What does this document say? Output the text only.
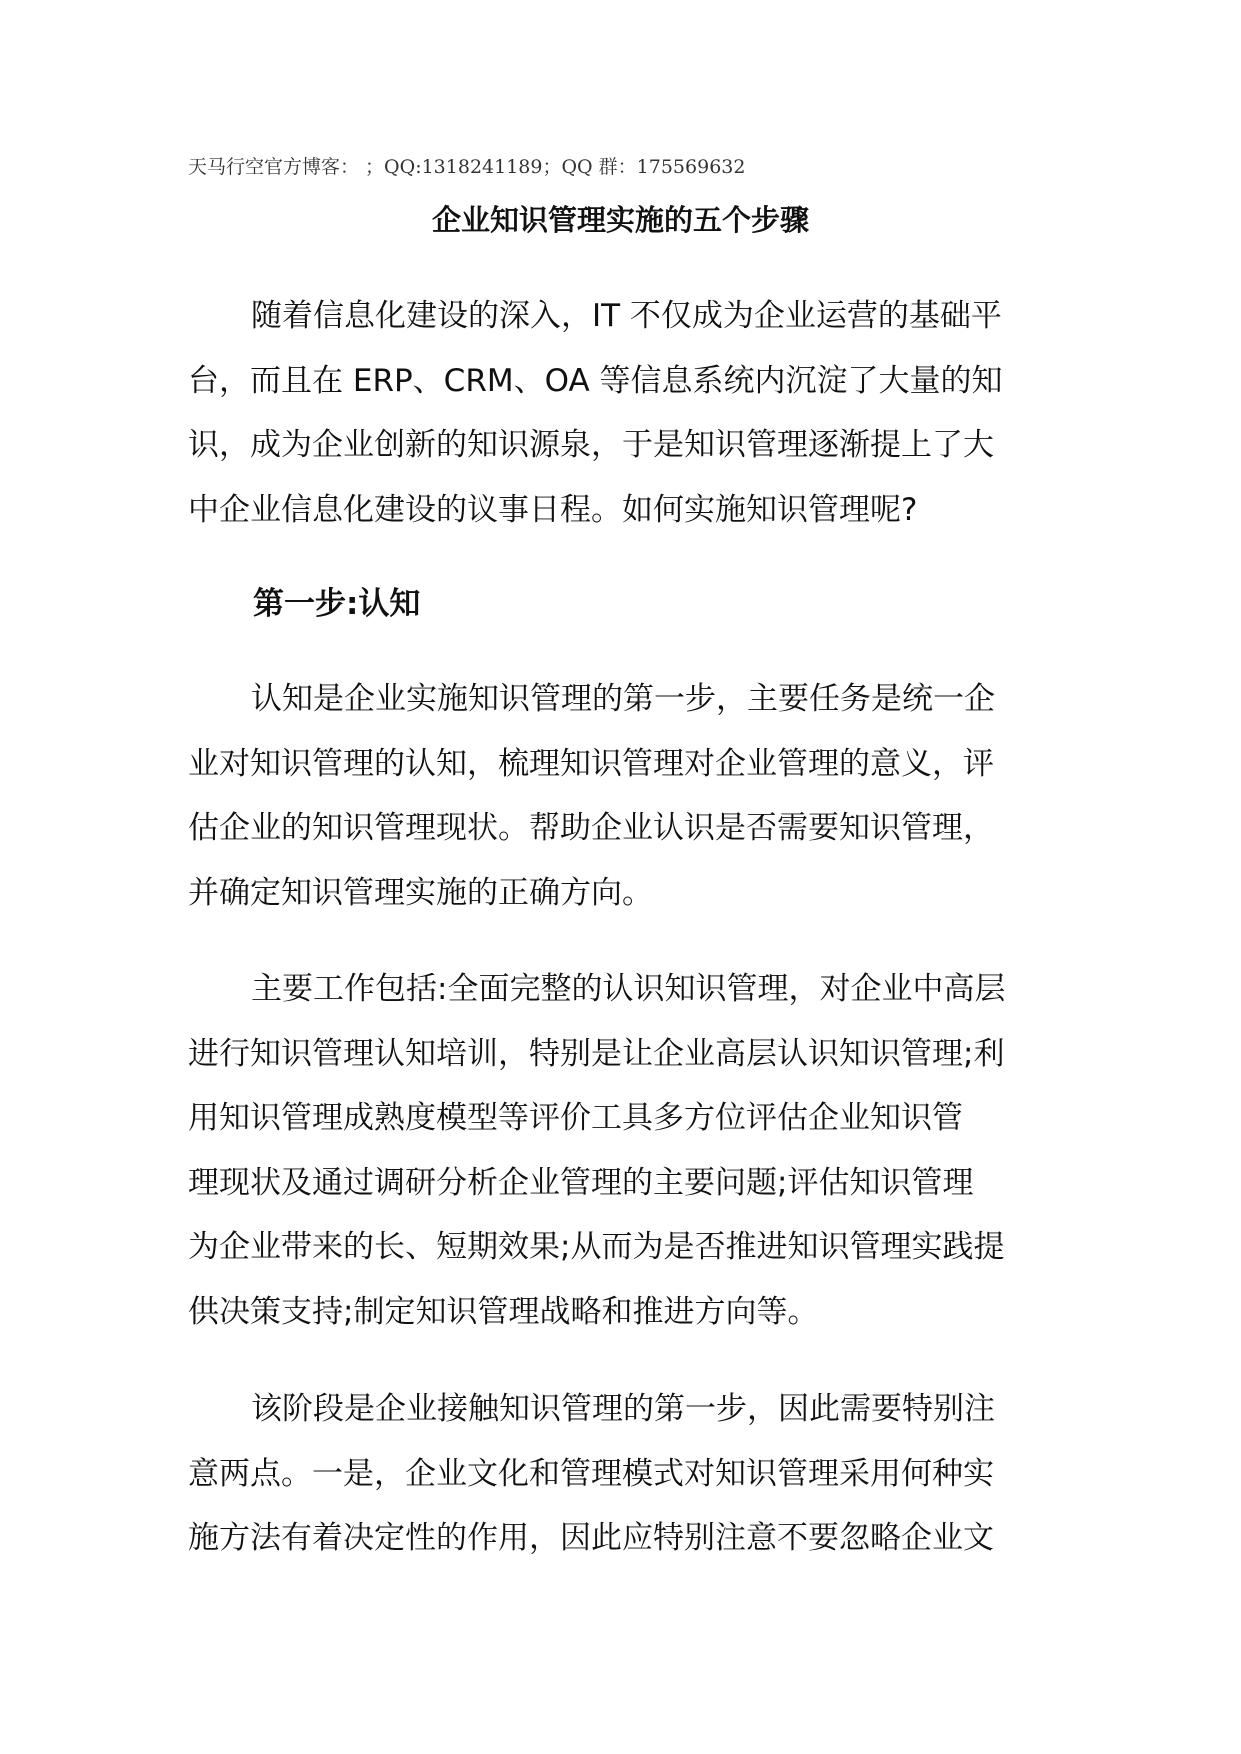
天马行空官方博客： ；QQ:1318241189；QQ 群：175569632
企业知识管理实施的五个步骤

随着信息化建设的深入，IT 不仅成为企业运营的基础平
台，而且在 ERP、CRM、OA 等信息系统内沉淀了大量的知
识，成为企业创新的知识源泉，于是知识管理逐渐提上了大
中企业信息化建设的议事日程。如何实施知识管理呢?

第一步:认知

认知是企业实施知识管理的第一步，主要任务是统一企
业对知识管理的认知，梳理知识管理对企业管理的意义，评
估企业的知识管理现状。帮助企业认识是否需要知识管理，
并确定知识管理实施的正确方向。

主要工作包括:全面完整的认识知识管理，对企业中高层
进行知识管理认知培训，特别是让企业高层认识知识管理;利
用知识管理成熟度模型等评价工具多方位评估企业知识管
理现状及通过调研分析企业管理的主要问题;评估知识管理
为企业带来的长、短期效果;从而为是否推进知识管理实践提
供决策支持;制定知识管理战略和推进方向等。

该阶段是企业接触知识管理的第一步，因此需要特别注
意两点。一是，企业文化和管理模式对知识管理采用何种实
施方法有着决定性的作用，因此应特别注意不要忽略企业文
